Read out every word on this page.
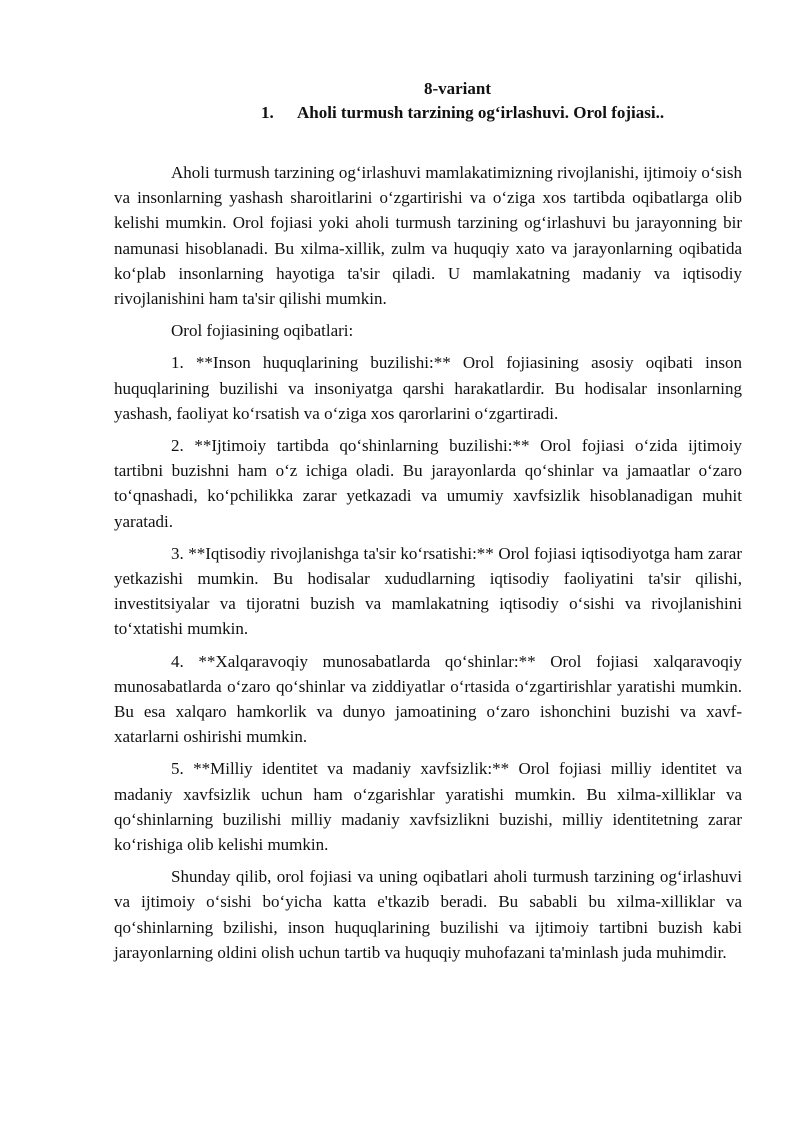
8-variant
1. Aholi turmush tarzining og‘irlashuvi. Orol fojiasi..

Aholi turmush tarzining og‘irlashuvi mamlakatimizning rivojlanishi, ijtimoiy o‘sish va insonlarning yashash sharoitlarini o‘zgartirishi va o‘ziga xos tartibda oqibatlarga olib kelishi mumkin. Orol fojiasi yoki aholi turmush tarzining og‘irlashuvi bu jarayonning bir namunasi hisoblanadi. Bu xilma-xillik, zulm va huquqiy xato va jarayonlarning oqibatida ko‘plab insonlarning hayotiga ta'sir qiladi. U mamlakatning madaniy va iqtisodiy rivojlanishini ham ta'sir qilishi mumkin.

Orol fojiasining oqibatlari:

1. **Inson huquqlarining buzilishi:** Orol fojiasining asosiy oqibati inson huquqlarining buzilishi va insoniyatga qarshi harakatlardir. Bu hodisalar insonlarning yashash, faoliyat ko‘rsatish va o‘ziga xos qarorlarini o‘zgartiradi.

2. **Ijtimoiy tartibda qo‘shinlarning buzilishi:** Orol fojiasi o‘zida ijtimoiy tartibni buzishni ham o‘z ichiga oladi. Bu jarayonlarda qo‘shinlar va jamaatlar o‘zaro to‘qnashadi, ko‘pchilikka zarar yetkazadi va umumiy xavfsizlik hisoblanadigan muhit yaratadi.

3. **Iqtisodiy rivojlanishga ta'sir ko‘rsatishi:** Orol fojiasi iqtisodiyotga ham zarar yetkazishi mumkin. Bu hodisalar xududlarning iqtisodiy faoliyatini ta'sir qilishi, investitsiyalar va tijoratni buzish va mamlakatning iqtisodiy o‘sishi va rivojlanishini to‘xtatishi mumkin.

4. **Xalqaravoqiy munosabatlarda qo‘shinlar:** Orol fojiasi xalqaravoqiy munosabatlarda o‘zaro qo‘shinlar va ziddiyatlar o‘rtasida o‘zgartirishlar yaratishi mumkin. Bu esa xalqaro hamkorlik va dunyo jamoatining o‘zaro ishonchini buzishi va xavf-xatarlarni oshirishi mumkin.

5. **Milliy identitet va madaniy xavfsizlik:** Orol fojiasi milliy identitet va madaniy xavfsizlik uchun ham o‘zgarishlar yaratishi mumkin. Bu xilma-xilliklar va qo‘shinlarning buzilishi milliy madaniy xavfsizlikni buzishi, milliy identitetning zarar ko‘rishiga olib kelishi mumkin.

Shunday qilib, orol fojiasi va uning oqibatlari aholi turmush tarzining og‘irlashuvi va ijtimoiy o‘sishi bo‘yicha katta e'tkazib beradi. Bu sababli bu xilma-xilliklar va qo‘shinlarning bzilishi, inson huquqlarining buzilishi va ijtimoiy tartibni buzish kabi jarayonlarning oldini olish uchun tartib va huquqiy muhofazani ta'minlash juda muhimdir.
